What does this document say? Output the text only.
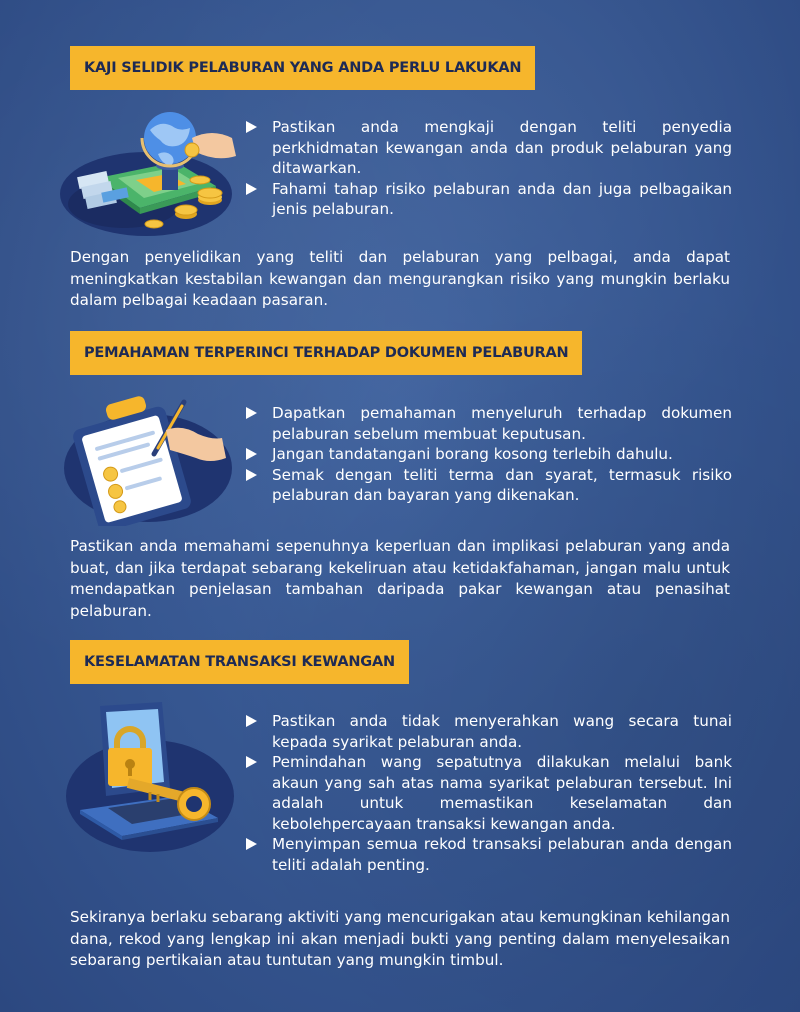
KAJI SELIDIK PELABURAN YANG ANDA PERLU LAKUKAN
Pastikan anda mengkaji dengan teliti penyedia perkhidmatan kewangan anda dan produk pelaburan yang ditawarkan.
Fahami tahap risiko pelaburan anda dan juga pelbagaikan jenis pelaburan.

Dengan penyelidikan yang teliti dan pelaburan yang pelbagai, anda dapat meningkatkan kestabilan kewangan dan mengurangkan risiko yang mungkin berlaku dalam pelbagai keadaan pasaran.

PEMAHAMAN TERPERINCI TERHADAP DOKUMEN PELABURAN
Dapatkan pemahaman menyeluruh terhadap dokumen pelaburan sebelum membuat keputusan.
Jangan tandatangani borang kosong terlebih dahulu.
Semak dengan teliti terma dan syarat, termasuk risiko pelaburan dan bayaran yang dikenakan.

Pastikan anda memahami sepenuhnya keperluan dan implikasi pelaburan yang anda buat, dan jika terdapat sebarang kekeliruan atau ketidakfahaman, jangan malu untuk mendapatkan penjelasan tambahan daripada pakar kewangan atau penasihat pelaburan.

KESELAMATAN TRANSAKSI KEWANGAN
Pastikan anda tidak menyerahkan wang secara tunai kepada syarikat pelaburan anda.
Pemindahan wang sepatutnya dilakukan melalui bank akaun yang sah atas nama syarikat pelaburan tersebut. Ini adalah untuk memastikan keselamatan dan kebolehpercayaan transaksi kewangan anda.
Menyimpan semua rekod transaksi pelaburan anda dengan teliti adalah penting.

Sekiranya berlaku sebarang aktiviti yang mencurigakan atau kemungkinan kehilangan dana, rekod yang lengkap ini akan menjadi bukti yang penting dalam menyelesaikan sebarang pertikaian atau tuntutan yang mungkin timbul.
